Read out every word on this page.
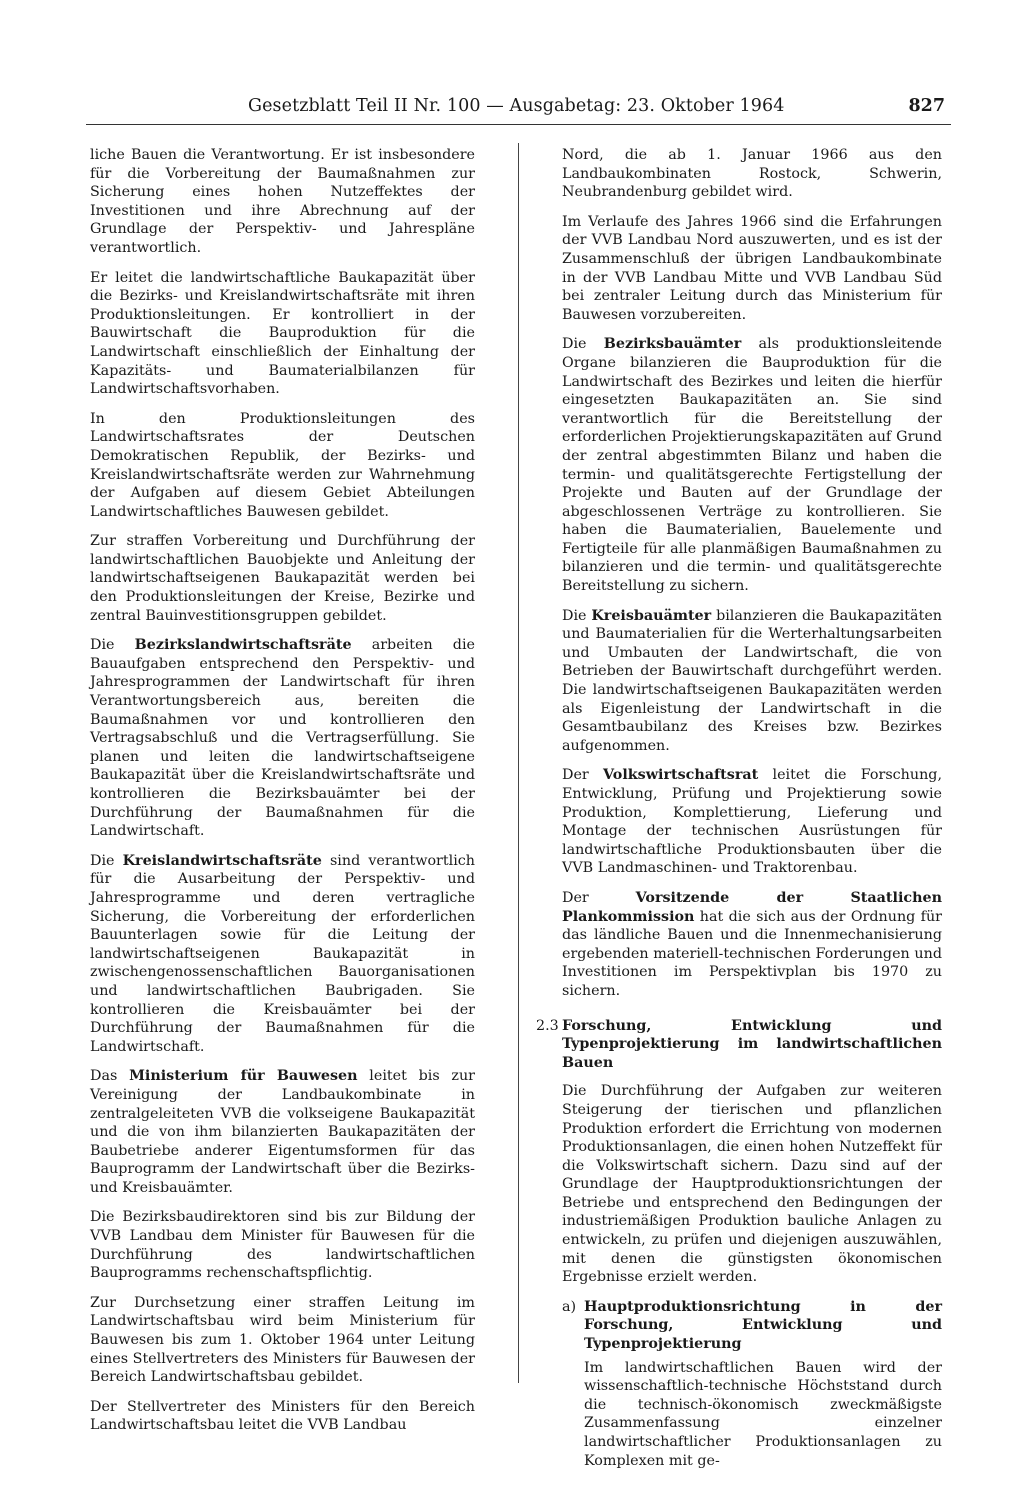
Gesetzblatt Teil II Nr. 100 — Ausgabetag: 23. Oktober 1964	827

liche Bauen die Verantwortung. Er ist insbesondere für die Vorbereitung der Baumaßnahmen zur Sicherung eines hohen Nutzeffektes der Investitionen und ihre Abrechnung auf der Grundlage der Perspektiv- und Jahrespläne verantwortlich.

Er leitet die landwirtschaftliche Baukapazität über die Bezirks- und Kreislandwirtschaftsräte mit ihren Produktionsleitungen. Er kontrolliert in der Bauwirtschaft die Bauproduktion für die Landwirtschaft einschließlich der Einhaltung der Kapazitäts- und Baumaterialbilanzen für Landwirtschaftsvorhaben.

In den Produktionsleitungen des Landwirtschaftsrates der Deutschen Demokratischen Republik, der Bezirks- und Kreislandwirtschaftsräte werden zur Wahrnehmung der Aufgaben auf diesem Gebiet Abteilungen Landwirtschaftliches Bauwesen gebildet.

Zur straffen Vorbereitung und Durchführung der landwirtschaftlichen Bauobjekte und Anleitung der landwirtschaftseigenen Baukapazität werden bei den Produktionsleitungen der Kreise, Bezirke und zentral Bauinvestitionsgruppen gebildet.

Die Bezirkslandwirtschaftsräte arbeiten die Bauaufgaben entsprechend den Perspektiv- und Jahresprogrammen der Landwirtschaft für ihren Verantwortungsbereich aus, bereiten die Baumaßnahmen vor und kontrollieren den Vertragsabschluß und die Vertragserfüllung. Sie planen und leiten die landwirtschaftseigene Baukapazität über die Kreislandwirtschaftsräte und kontrollieren die Bezirksbauämter bei der Durchführung der Baumaßnahmen für die Landwirtschaft.

Die Kreislandwirtschaftsräte sind verantwortlich für die Ausarbeitung der Perspektiv- und Jahresprogramme und deren vertragliche Sicherung, die Vorbereitung der erforderlichen Bauunterlagen sowie für die Leitung der landwirtschaftseigenen Baukapazität in zwischengenossenschaftlichen Bauorganisationen und landwirtschaftlichen Baubrigaden. Sie kontrollieren die Kreisbauämter bei der Durchführung der Baumaßnahmen für die Landwirtschaft.

Das Ministerium für Bauwesen leitet bis zur Vereinigung der Landbaukombinate in zentralgeleiteten VVB die volkseigene Baukapazität und die von ihm bilanzierten Baukapazitäten der Baubetriebe anderer Eigentumsformen für das Bauprogramm der Landwirtschaft über die Bezirks- und Kreisbauämter.

Die Bezirksbaudirektoren sind bis zur Bildung der VVB Landbau dem Minister für Bauwesen für die Durchführung des landwirtschaftlichen Bauprogramms rechenschaftspflichtig.

Zur Durchsetzung einer straffen Leitung im Landwirtschaftsbau wird beim Ministerium für Bauwesen bis zum 1. Oktober 1964 unter Leitung eines Stellvertreters des Ministers für Bauwesen der Bereich Landwirtschaftsbau gebildet.

Der Stellvertreter des Ministers für den Bereich Landwirtschaftsbau leitet die VVB Landbau

Nord, die ab 1. Januar 1966 aus den Landbaukombinaten Rostock, Schwerin, Neubrandenburg gebildet wird.

Im Verlaufe des Jahres 1966 sind die Erfahrungen der VVB Landbau Nord auszuwerten, und es ist der Zusammenschluß der übrigen Landbaukombinate in der VVB Landbau Mitte und VVB Landbau Süd bei zentraler Leitung durch das Ministerium für Bauwesen vorzubereiten.

Die Bezirksbauämter als produktionsleitende Organe bilanzieren die Bauproduktion für die Landwirtschaft des Bezirkes und leiten die hierfür eingesetzten Baukapazitäten an. Sie sind verantwortlich für die Bereitstellung der erforderlichen Projektierungskapazitäten auf Grund der zentral abgestimmten Bilanz und haben die termin- und qualitätsgerechte Fertigstellung der Projekte und Bauten auf der Grundlage der abgeschlossenen Verträge zu kontrollieren. Sie haben die Baumaterialien, Bauelemente und Fertigteile für alle planmäßigen Baumaßnahmen zu bilanzieren und die termin- und qualitätsgerechte Bereitstellung zu sichern.

Die Kreisbauämter bilanzieren die Baukapazitäten und Baumaterialien für die Werterhaltungsarbeiten und Umbauten der Landwirtschaft, die von Betrieben der Bauwirtschaft durchgeführt werden. Die landwirtschaftseigenen Baukapazitäten werden als Eigenleistung der Landwirtschaft in die Gesamtbaubilanz des Kreises bzw. Bezirkes aufgenommen.

Der Volkswirtschaftsrat leitet die Forschung, Entwicklung, Prüfung und Projektierung sowie Produktion, Komplettierung, Lieferung und Montage der technischen Ausrüstungen für landwirtschaftliche Produktionsbauten über die VVB Landmaschinen- und Traktorenbau.

Der Vorsitzende der Staatlichen Plankommission hat die sich aus der Ordnung für das ländliche Bauen und die Innenmechanisierung ergebenden materiell-technischen Forderungen und Investitionen im Perspektivplan bis 1970 zu sichern.

2.3 Forschung, Entwicklung und Typenprojektierung im landwirtschaftlichen Bauen

Die Durchführung der Aufgaben zur weiteren Steigerung der tierischen und pflanzlichen Produktion erfordert die Errichtung von modernen Produktionsanlagen, die einen hohen Nutzeffekt für die Volkswirtschaft sichern. Dazu sind auf der Grundlage der Hauptproduktionsrichtungen der Betriebe und entsprechend den Bedingungen der industriemäßigen Produktion bauliche Anlagen zu entwickeln, zu prüfen und diejenigen auszuwählen, mit denen die günstigsten ökonomischen Ergebnisse erzielt werden.

a) Hauptproduktionsrichtung in der Forschung, Entwicklung und Typenprojektierung

Im landwirtschaftlichen Bauen wird der wissenschaftlich-technische Höchststand durch die technisch-ökonomisch zweckmäßigste Zusammenfassung einzelner landwirtschaftlicher Produktionsanlagen zu Komplexen mit ge-
